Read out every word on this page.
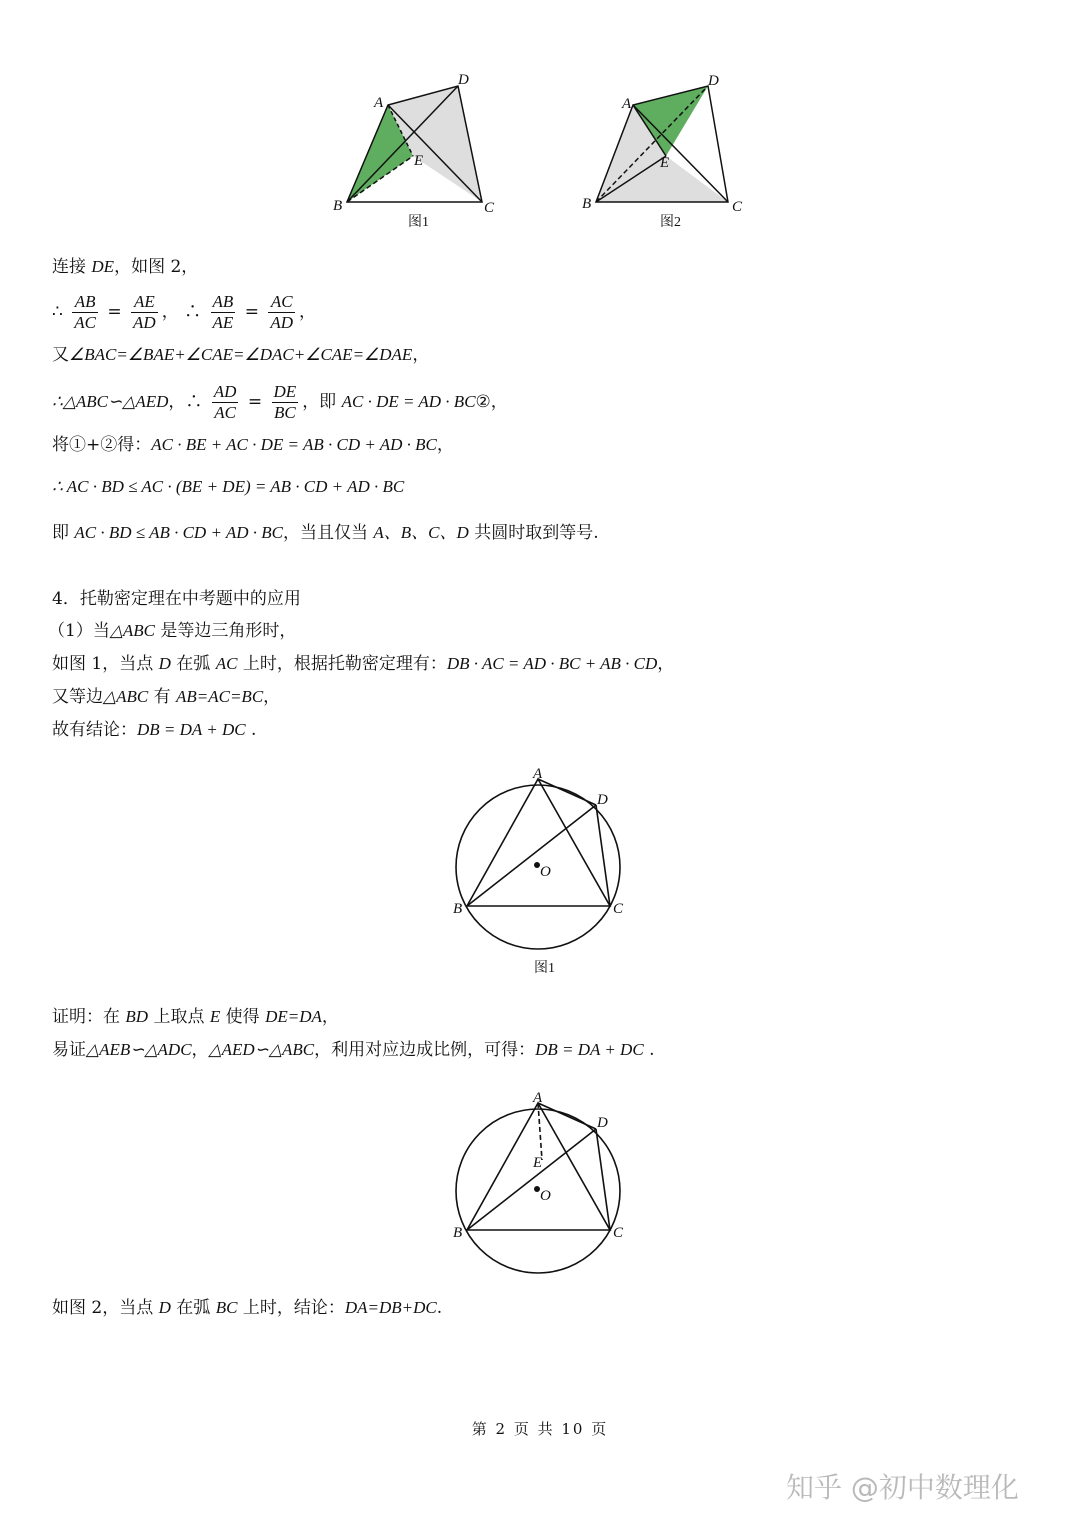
A
D
E
B	C
图1
A
D
E
B	C
图2
连接 DE，如图 2，
∴ $\frac{AB}{AC} = \frac{AE}{AD}$ ， ∴ $\frac{AB}{AE} = \frac{AC}{AD}$ ，
又∠BAC=∠BAE+∠CAE=∠DAC+∠CAE=∠DAE，
∴△ABC∽△AED，∴ $\frac{AD}{AC} = \frac{DE}{BC}$ ，即 AC · DE = AD · BC②，
将①+②得：AC · BE + AC · DE = AB · CD + AD · BC，
∴ AC · BD ≤ AC · (BE + DE) = AB · CD + AD · BC
即 AC · BD ≤ AB · CD + AD · BC，当且仅当 A、B、C、D 共圆时取到等号.
4．托勒密定理在中考题中的应用
（1）当△ABC 是等边三角形时，
如图 1，当点 D 在弧 AC 上时，根据托勒密定理有：DB · AC = AD · BC + AB · CD，
又等边△ABC 有 AB=AC=BC，
故有结论：DB = DA + DC .
A
D
O
B	C
图1
证明：在 BD 上取点 E 使得 DE=DA，
易证△AEB∽△ADC，△AED∽△ABC，利用对应边成比例，可得：DB = DA + DC .
A
D
E
O
B	C
如图 2，当点 D 在弧 BC 上时，结论：DA=DB+DC.
第 2 页 共 10 页
知乎 @初中数理化
